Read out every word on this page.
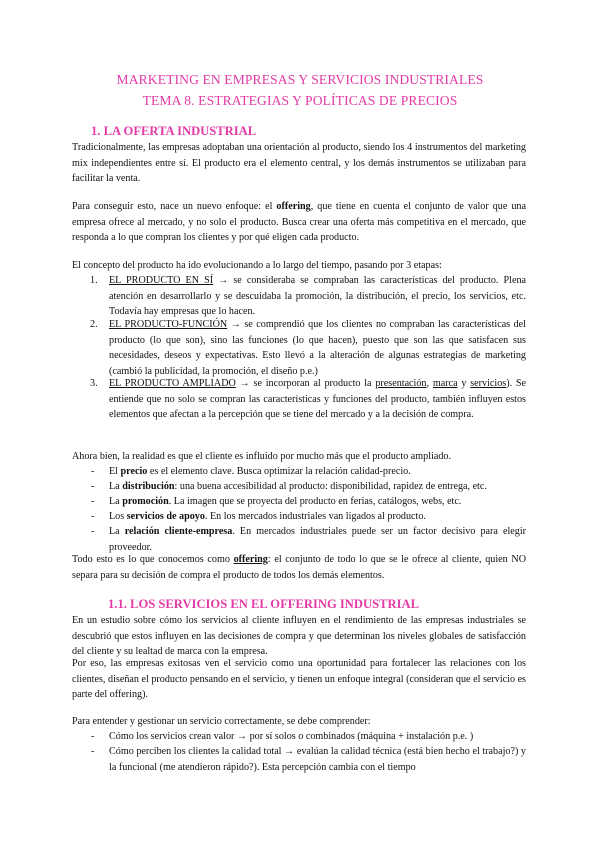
MARKETING EN EMPRESAS Y SERVICIOS INDUSTRIALES
TEMA 8. ESTRATEGIAS Y POLÍTICAS DE PRECIOS
1. LA OFERTA INDUSTRIAL
Tradicionalmente, las empresas adoptaban una orientación al producto, siendo los 4 instrumentos del marketing mix independientes entre sí. El producto era el elemento central, y los demás instrumentos se utilizaban para facilitar la venta.
Para conseguir esto, nace un nuevo enfoque: el offering, que tiene en cuenta el conjunto de valor que una empresa ofrece al mercado, y no solo el producto. Busca crear una oferta más competitiva en el mercado, que responda a lo que compran los clientes y por qué eligen cada producto.
El concepto del producto ha ido evolucionando a lo largo del tiempo, pasando por 3 etapas:
1. EL PRODUCTO EN SÍ → se consideraba se compraban las características del producto. Plena atención en desarrollarlo y se descuidaba la promoción, la distribución, el precio, los servicios, etc. Todavía hay empresas que lo hacen.
2. EL PRODUCTO-FUNCIÓN → se comprendió que los clientes no compraban las características del producto (lo que son), sino las funciones (lo que hacen), puesto que son las que satisfacen sus necesidades, deseos y expectativas. Esto llevó a la alteración de algunas estrategias de marketing (cambió la publicidad, la promoción, el diseño p.e.)
3. EL PRODUCTO AMPLIADO → se incorporan al producto la presentación, marca y servicios). Se entiende que no solo se compran las características y funciones del producto, también influyen estos elementos que afectan a la percepción que se tiene del mercado y a la decisión de compra.
Ahora bien, la realidad es que el cliente es influido por mucho más que el producto ampliado.
- El precio es el elemento clave. Busca optimizar la relación calidad-precio.
- La distribución: una buena accesibilidad al producto: disponibilidad, rapidez de entrega, etc.
- La promoción. La imagen que se proyecta del producto en ferias, catálogos, webs, etc.
- Los servicios de apoyo. En los mercados industriales van ligados al producto.
- La relación cliente-empresa. En mercados industriales puede ser un factor decisivo para elegir proveedor.
Todo esto es lo que conocemos como offering: el conjunto de todo lo que se le ofrece al cliente, quien NO separa para su decisión de compra el producto de todos los demás elementos.
1.1. LOS SERVICIOS EN EL OFFERING INDUSTRIAL
En un estudio sobre cómo los servicios al cliente influyen en el rendimiento de las empresas industriales se descubrió que estos influyen en las decisiones de compra y que determinan los niveles globales de satisfacción del cliente y su lealtad de marca con la empresa.
Por eso, las empresas exitosas ven el servicio como una oportunidad para fortalecer las relaciones con los clientes, diseñan el producto pensando en el servicio, y tienen un enfoque integral (consideran que el servicio es parte del offering).
Para entender y gestionar un servicio correctamente, se debe comprender:
- Cómo los servicios crean valor → por sí solos o combinados (máquina + instalación p.e. )
- Cómo perciben los clientes la calidad total → evalúan la calidad técnica (está bien hecho el trabajo?) y la funcional (me atendieron rápido?). Esta percepción cambia con el tiempo
